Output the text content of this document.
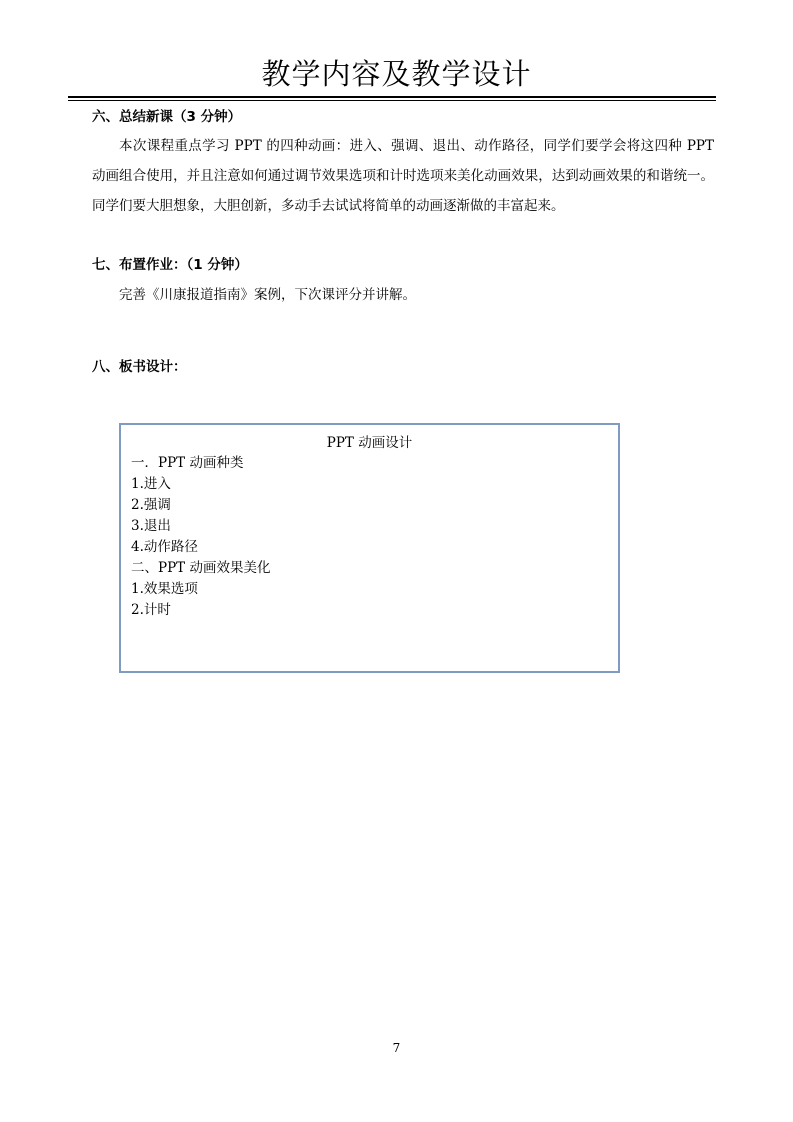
教学内容及教学设计
六、总结新课（3 分钟）
本次课程重点学习 PPT 的四种动画：进入、强调、退出、动作路径，同学们要学会将这四种 PPT 动画组合使用，并且注意如何通过调节效果选项和计时选项来美化动画效果，达到动画效果的和谐统一。同学们要大胆想象，大胆创新，多动手去试试将简单的动画逐渐做的丰富起来。
七、布置作业：（1 分钟）
完善《川康报道指南》案例，下次课评分并讲解。
八、板书设计：
PPT 动画设计
一．PPT 动画种类
1.进入
2.强调
3.退出
4.动作路径
二、PPT 动画效果美化
1.效果选项
2.计时
7
